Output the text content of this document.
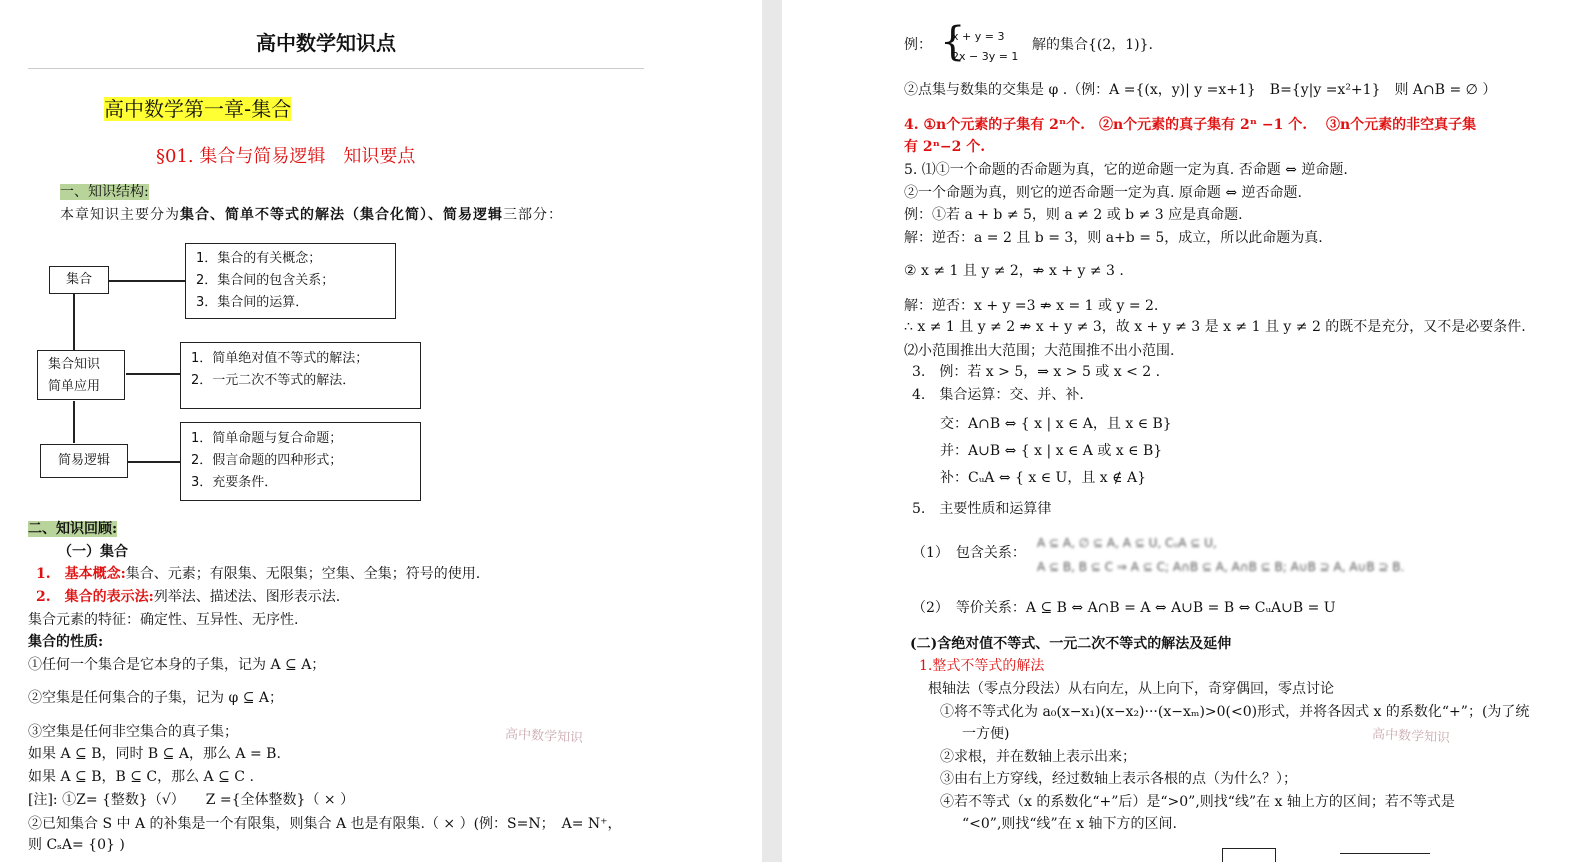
高中数学知识点
高中数学第一章-集合
§01. 集合与简易逻辑　知识要点
一、知识结构:
本章知识主要分为集合、简单不等式的解法（集合化简）、简易逻辑三部分：
集合
集合知识
简单应用
简易逻辑
1．集合的有关概念；
2．集合间的包含关系；
3．集合间的运算．
1．简单绝对值不等式的解法；
2．一元二次不等式的解法．
1．简单命题与复合命题；
2．假言命题的四种形式；
3．充要条件．
二、知识回顾:
（一）集合
1.　基本概念:集合、元素；有限集、无限集；空集、全集；符号的使用.
2.　集合的表示法:列举法、描述法、图形表示法.
集合元素的特征：确定性、互异性、无序性.
集合的性质:
①任何一个集合是它本身的子集，记为 A ⊆ A；
②空集是任何集合的子集，记为 φ ⊆ A；
③空集是任何非空集合的真子集；
如果 A ⊆ B，同时 B ⊆ A，那么 A = B.
如果 A ⊆ B，B ⊆ C，那么 A ⊆ C .
[注]: ①Z= {整数}（√）　　Z ={全体整数}（ × ）
②已知集合 S 中 A 的补集是一个有限集，则集合 A 也是有限集.（ × ）(例：S=N；　A= N⁺，
则 CₛA= {0} )
高中数学知识
例： {
x + y = 3
2x − 3y = 1
解的集合{(2，1)}.
②点集与数集的交集是 φ .（例：A ={(x，y)| y =x+1}　B={y|y =x²+1}　则 A∩B = ∅ ）
4. ①n个元素的子集有 2ⁿ个.　②n个元素的真子集有 2ⁿ −1 个.　 ③n个元素的非空真子集
有 2ⁿ−2 个.
5. ⑴①一个命题的否命题为真，它的逆命题一定为真. 否命题 ⇔ 逆命题.
②一个命题为真，则它的逆否命题一定为真. 原命题 ⇔ 逆否命题.
例：①若 a + b ≠ 5，则 a ≠ 2 或 b ≠ 3 应是真命题.
解：逆否：a = 2 且 b = 3，则 a+b = 5，成立，所以此命题为真.
② x ≠ 1 且 y ≠ 2，⇏ x + y ≠ 3 .
解：逆否：x + y =3 ⇏ x = 1 或 y = 2.
∴ x ≠ 1 且 y ≠ 2 ⇏ x + y ≠ 3，故 x + y ≠ 3 是 x ≠ 1 且 y ≠ 2 的既不是充分，又不是必要条件.
⑵小范围推出大范围；大范围推不出小范围.
3.　例：若 x > 5，⇒ x > 5 或 x < 2 .
4.　集合运算：交、并、补.
交：A∩B ⇔ { x | x ∈ A，且 x ∈ B}
并：A∪B ⇔ { x | x ∈ A 或 x ∈ B}
补：CᵤA ⇔ { x ∈ U，且 x ∉ A}
5.　主要性质和运算律
（1）　包含关系：
A ⊆ A, ∅ ⊆ A, A ⊆ U, CᵤA ⊆ U,
A ⊆ B, B ⊆ C ⇒ A ⊆ C; A∩B ⊆ A, A∩B ⊆ B; A∪B ⊇ A, A∪B ⊇ B.
（2）　等价关系：A ⊆ B ⇔ A∩B = A ⇔ A∪B = B ⇔ CᵤA∪B = U
(二)含绝对值不等式、一元二次不等式的解法及延伸
1.整式不等式的解法
根轴法（零点分段法）从右向左，从上向下，奇穿偶回，零点讨论
①将不等式化为 a₀(x−x₁)(x−x₂)···(x−xₘ)>0(<0)形式，并将各因式 x 的系数化“+”；(为了统
一方便)
②求根，并在数轴上表示出来；
③由右上方穿线，经过数轴上表示各根的点（为什么？）；
④若不等式（x 的系数化“+”后）是“>0”,则找“线”在 x 轴上方的区间；若不等式是
“<0”,则找“线”在 x 轴下方的区间.
高中数学知识
